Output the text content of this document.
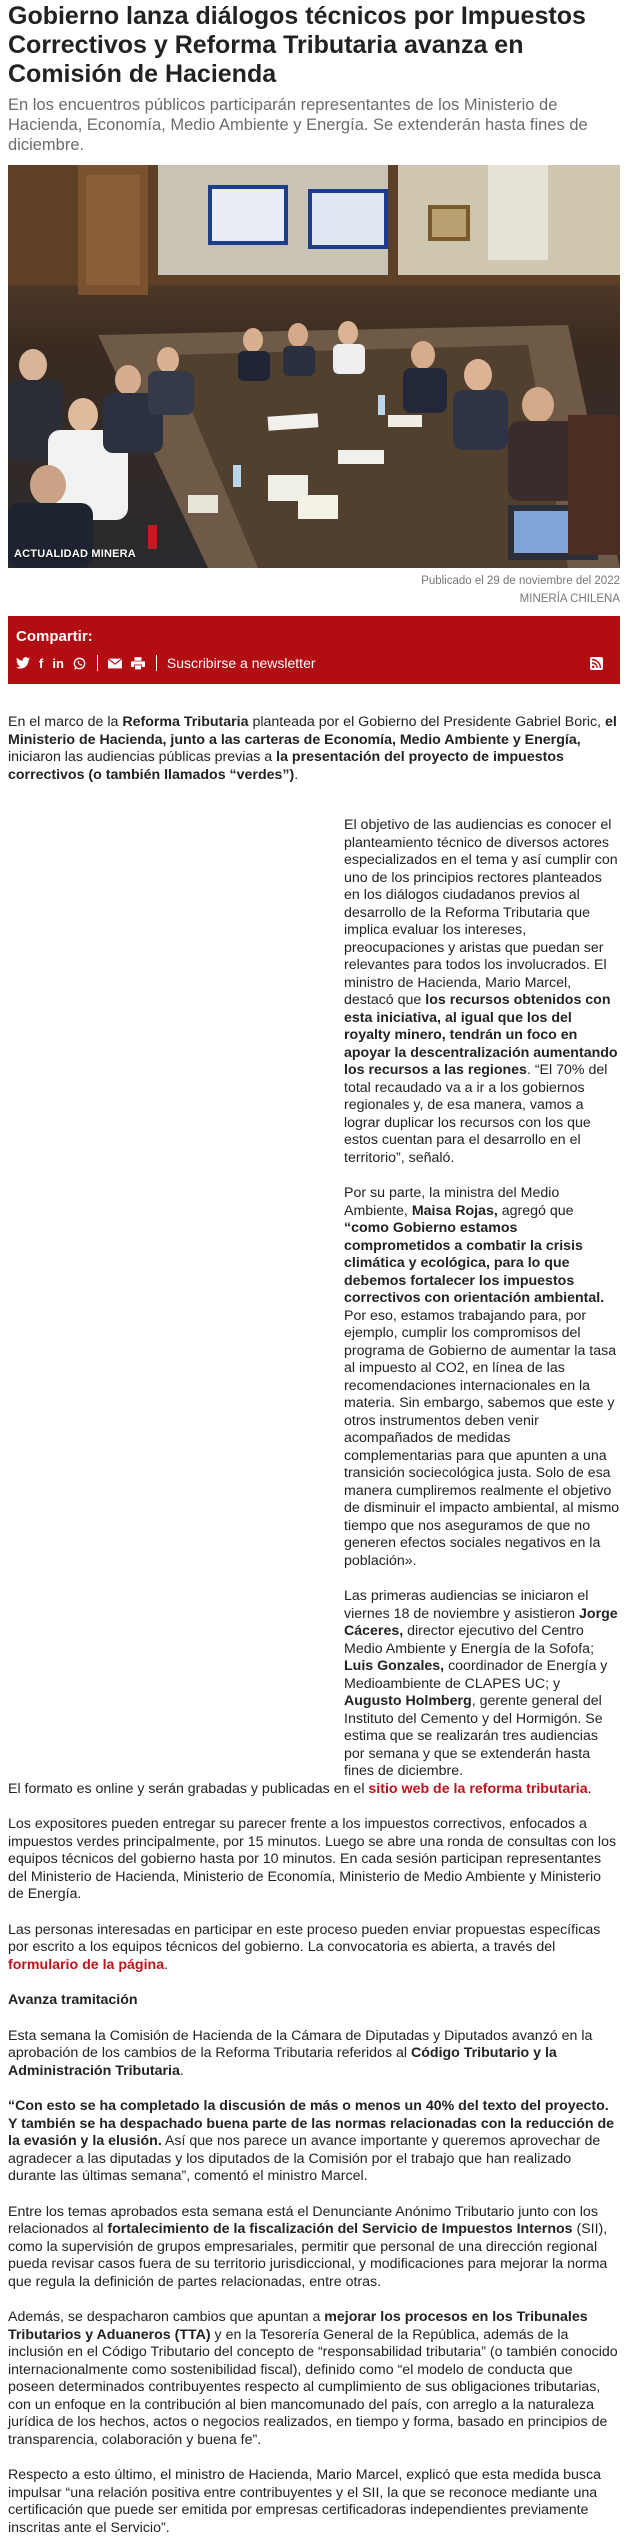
Gobierno lanza diálogos técnicos por Impuestos Correctivos y Reforma Tributaria avanza en Comisión de Hacienda

En los encuentros públicos participarán representantes de los Ministerio de Hacienda, Economía, Medio Ambiente y Energía. Se extenderán hasta fines de diciembre.

ACTUALIDAD MINERA
Publicado el 29 de noviembre del 2022
MINERÍA CHILENA
Compartir:
f in	Suscribirse a newsletter

En el marco de la Reforma Tributaria planteada por el Gobierno del Presidente Gabriel Boric, el Ministerio de Hacienda, junto a las carteras de Economía, Medio Ambiente y Energía, iniciaron las audiencias públicas previas a la presentación del proyecto de impuestos correctivos (o también llamados “verdes”).

El objetivo de las audiencias es conocer el planteamiento técnico de diversos actores especializados en el tema y así cumplir con uno de los principios rectores planteados en los diálogos ciudadanos previos al desarrollo de la Reforma Tributaria que implica evaluar los intereses, preocupaciones y aristas que puedan ser relevantes para todos los involucrados. El ministro de Hacienda, Mario Marcel, destacó que los recursos obtenidos con esta iniciativa, al igual que los del royalty minero, tendrán un foco en apoyar la descentralización aumentando los recursos a las regiones. “El 70% del total recaudado va a ir a los gobiernos regionales y, de esa manera, vamos a lograr duplicar los recursos con los que estos cuentan para el desarrollo en el territorio”, señaló.

Por su parte, la ministra del Medio Ambiente, Maisa Rojas, agregó que “como Gobierno estamos comprometidos a combatir la crisis climática y ecológica, para lo que debemos fortalecer los impuestos correctivos con orientación ambiental. Por eso, estamos trabajando para, por ejemplo, cumplir los compromisos del programa de Gobierno de aumentar la tasa al impuesto al CO2, en línea de las recomendaciones internacionales en la materia. Sin embargo, sabemos que este y otros instrumentos deben venir acompañados de medidas complementarias para que apunten a una transición sociecológica justa. Solo de esa manera cumpliremos realmente el objetivo de disminuir el impacto ambiental, al mismo tiempo que nos aseguramos de que no generen efectos sociales negativos en la población».

Las primeras audiencias se iniciaron el viernes 18 de noviembre y asistieron Jorge Cáceres, director ejecutivo del Centro Medio Ambiente y Energía de la Sofofa; Luis Gonzales, coordinador de Energía y Medioambiente de CLAPES UC; y Augusto Holmberg, gerente general del Instituto del Cemento y del Hormigón. Se estima que se realizarán tres audiencias por semana y que se extenderán hasta fines de diciembre.

El formato es online y serán grabadas y publicadas en el sitio web de la reforma tributaria.

Los expositores pueden entregar su parecer frente a los impuestos correctivos, enfocados a impuestos verdes principalmente, por 15 minutos. Luego se abre una ronda de consultas con los equipos técnicos del gobierno hasta por 10 minutos. En cada sesión participan representantes del Ministerio de Hacienda, Ministerio de Economía, Ministerio de Medio Ambiente y Ministerio de Energía.

Las personas interesadas en participar en este proceso pueden enviar propuestas específicas por escrito a los equipos técnicos del gobierno. La convocatoria es abierta, a través del formulario de la página.

Avanza tramitación

Esta semana la Comisión de Hacienda de la Cámara de Diputadas y Diputados avanzó en la aprobación de los cambios de la Reforma Tributaria referidos al Código Tributario y la Administración Tributaria.

“Con esto se ha completado la discusión de más o menos un 40% del texto del proyecto. Y también se ha despachado buena parte de las normas relacionadas con la reducción de la evasión y la elusión. Así que nos parece un avance importante y queremos aprovechar de agradecer a las diputadas y los diputados de la Comisión por el trabajo que han realizado durante las últimas semana”, comentó el ministro Marcel.

Entre los temas aprobados esta semana está el Denunciante Anónimo Tributario junto con los relacionados al fortalecimiento de la fiscalización del Servicio de Impuestos Internos (SII), como la supervisión de grupos empresariales, permitir que personal de una dirección regional pueda revisar casos fuera de su territorio jurisdiccional, y modificaciones para mejorar la norma que regula la definición de partes relacionadas, entre otras.

Además, se despacharon cambios que apuntan a mejorar los procesos en los Tribunales Tributarios y Aduaneros (TTA) y en la Tesorería General de la República, además de la inclusión en el Código Tributario del concepto de “responsabilidad tributaria” (o también conocido internacionalmente como sostenibilidad fiscal), definido como “el modelo de conducta que poseen determinados contribuyentes respecto al cumplimiento de sus obligaciones tributarias, con un enfoque en la contribución al bien mancomunado del país, con arreglo a la naturaleza jurídica de los hechos, actos o negocios realizados, en tiempo y forma, basado en principios de transparencia, colaboración y buena fe”.

Respecto a esto último, el ministro de Hacienda, Mario Marcel, explicó que esta medida busca impulsar “una relación positiva entre contribuyentes y el SII, la que se reconoce mediante una certificación que puede ser emitida por empresas certificadoras independientes previamente inscritas ante el Servicio”.
